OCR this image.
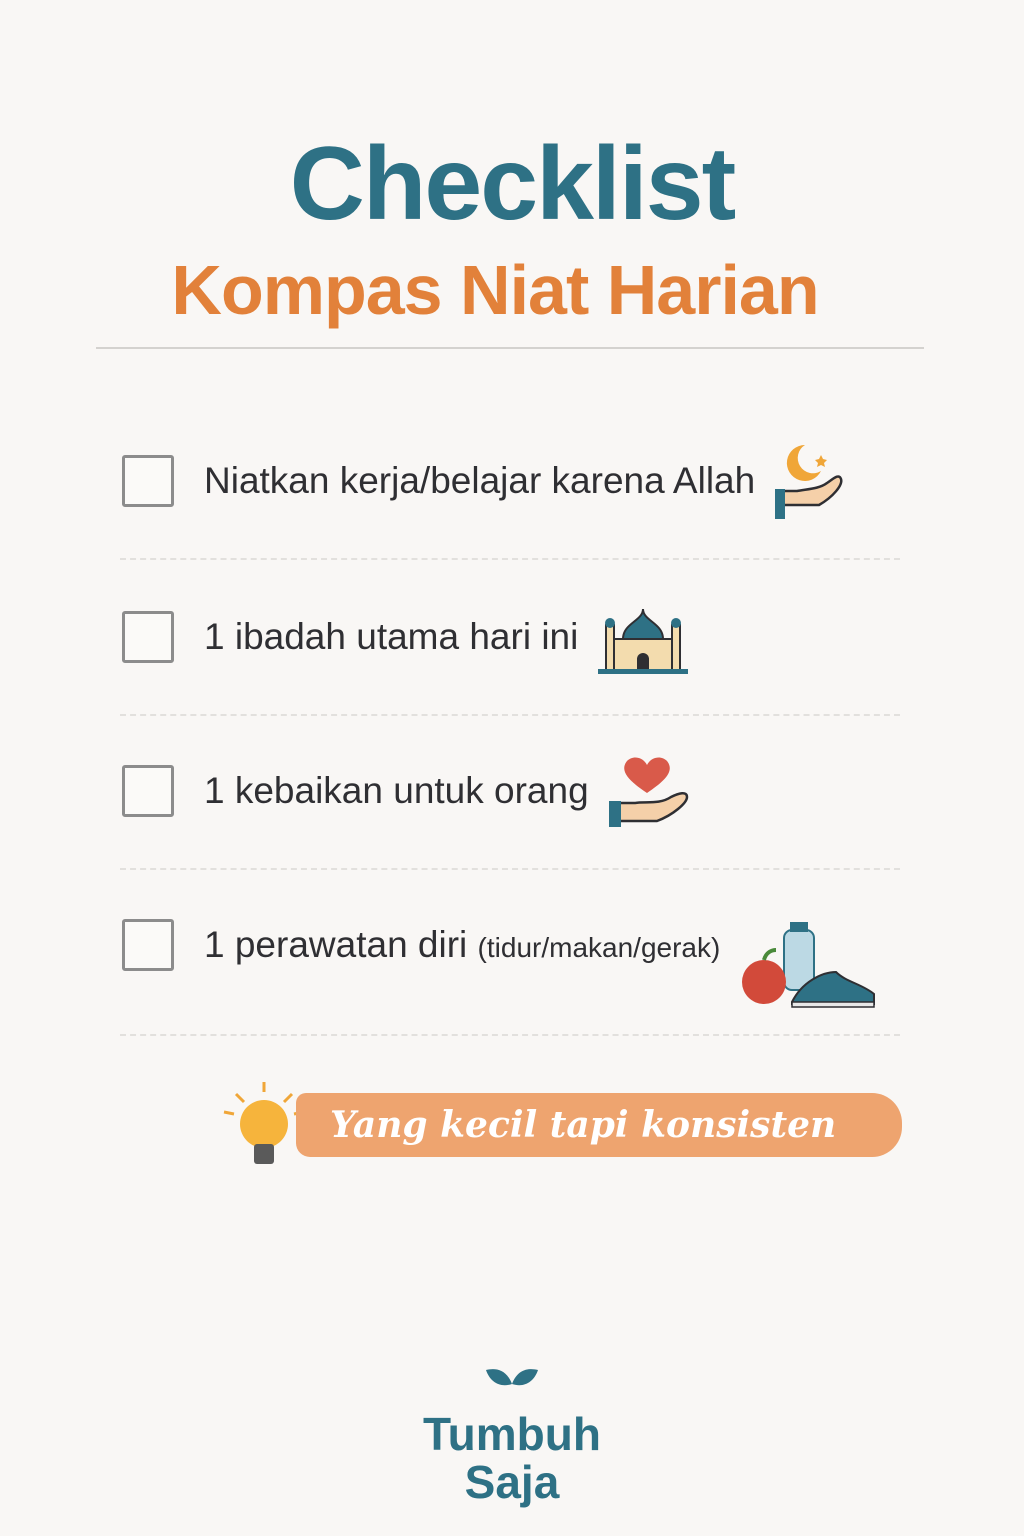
Checklist
Kompas Niat Harian
Niatkan kerja/belajar karena Allah
1 ibadah utama hari ini
1 kebaikan untuk orang
1 perawatan diri (tidur/makan/gerak)
Yang kecil tapi konsisten
Tumbuh
Saja
